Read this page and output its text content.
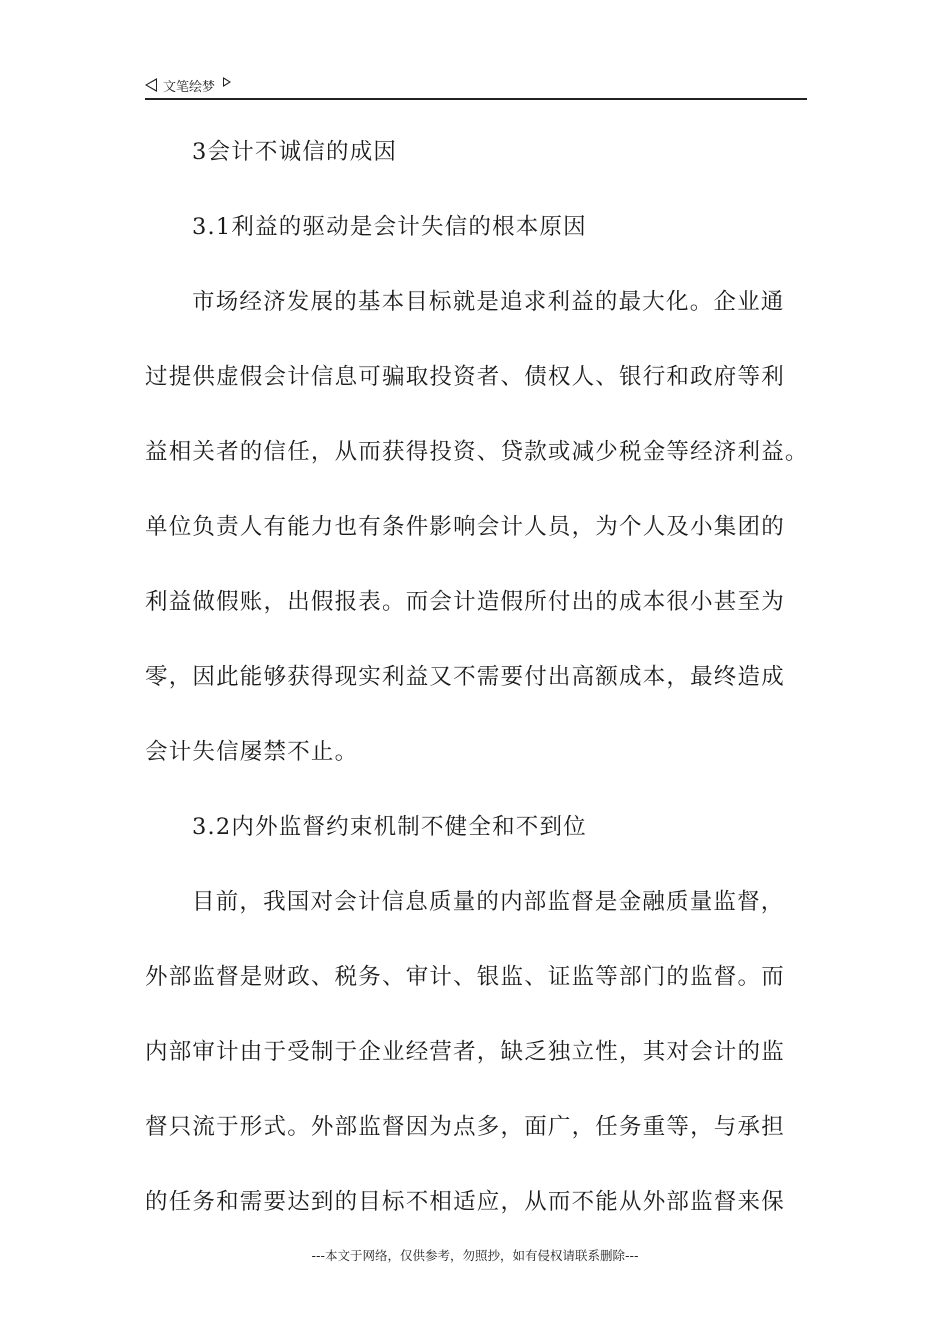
文笔绘梦
3会计不诚信的成因
3.1利益的驱动是会计失信的根本原因
市场经济发展的基本目标就是追求利益的最大化。企业通
过提供虚假会计信息可骗取投资者、债权人、银行和政府等利
益相关者的信任，从而获得投资、贷款或减少税金等经济利益。
单位负责人有能力也有条件影响会计人员，为个人及小集团的
利益做假账，出假报表。而会计造假所付出的成本很小甚至为
零，因此能够获得现实利益又不需要付出高额成本，最终造成
会计失信屡禁不止。
3.2内外监督约束机制不健全和不到位
目前，我国对会计信息质量的内部监督是金融质量监督，
外部监督是财政、税务、审计、银监、证监等部门的监督。而
内部审计由于受制于企业经营者，缺乏独立性，其对会计的监
督只流于形式。外部监督因为点多，面广，任务重等，与承担
的任务和需要达到的目标不相适应，从而不能从外部监督来保
---本文于网络，仅供参考，勿照抄，如有侵权请联系删除---
